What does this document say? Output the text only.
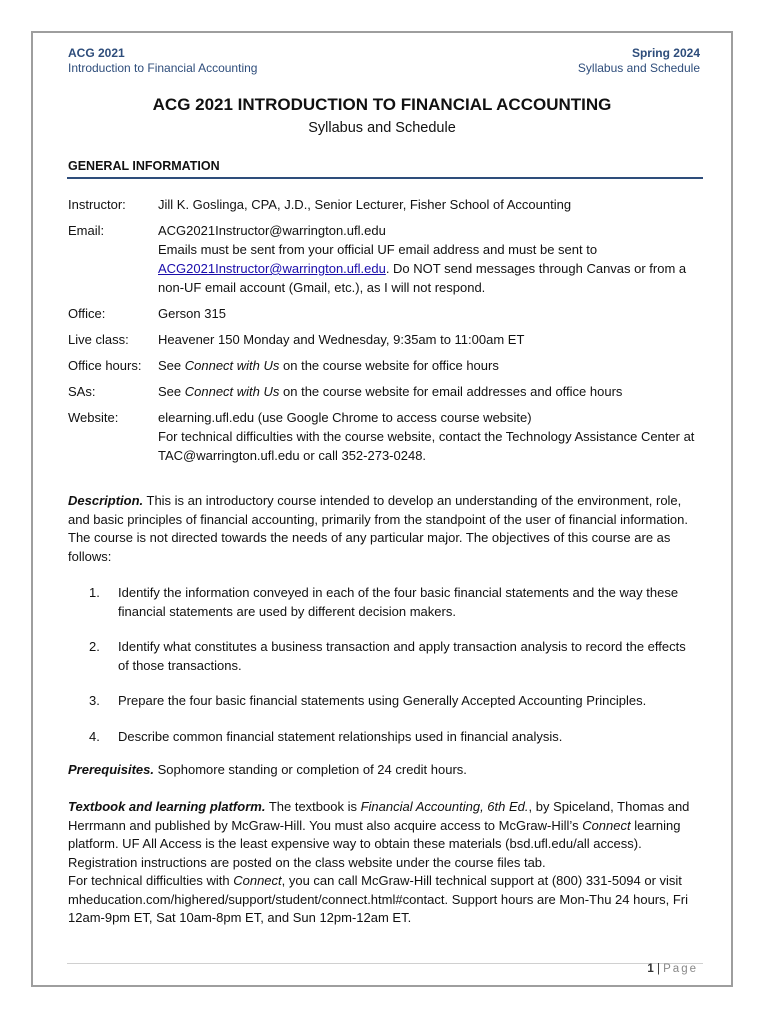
ACG 2021
Introduction to Financial Accounting
Spring 2024
Syllabus and Schedule
ACG 2021 INTRODUCTION TO FINANCIAL ACCOUNTING
Syllabus and Schedule
GENERAL INFORMATION
Instructor:	Jill K. Goslinga, CPA, J.D., Senior Lecturer, Fisher School of Accounting
Email:	ACG2021Instructor@warrington.ufl.edu
Emails must be sent from your official UF email address and must be sent to ACG2021Instructor@warrington.ufl.edu. Do NOT send messages through Canvas or from a non-UF email account (Gmail, etc.), as I will not respond.
Office:	Gerson 315
Live class:	Heavener 150 Monday and Wednesday, 9:35am to 11:00am ET
Office hours:	See Connect with Us on the course website for office hours
SAs:	See Connect with Us on the course website for email addresses and office hours
Website:	elearning.ufl.edu (use Google Chrome to access course website)
For technical difficulties with the course website, contact the Technology Assistance Center at TAC@warrington.ufl.edu or call 352-273-0248.
Description. This is an introductory course intended to develop an understanding of the environment, role, and basic principles of financial accounting, primarily from the standpoint of the user of financial information. The course is not directed towards the needs of any particular major. The objectives of this course are as follows:
1.	Identify the information conveyed in each of the four basic financial statements and the way these financial statements are used by different decision makers.
2.	Identify what constitutes a business transaction and apply transaction analysis to record the effects of those transactions.
3.	Prepare the four basic financial statements using Generally Accepted Accounting Principles.
4.	Describe common financial statement relationships used in financial analysis.
Prerequisites. Sophomore standing or completion of 24 credit hours.
Textbook and learning platform. The textbook is Financial Accounting, 6th Ed., by Spiceland, Thomas and Herrmann and published by McGraw-Hill. You must also acquire access to McGraw-Hill’s Connect learning platform. UF All Access is the least expensive way to obtain these materials (bsd.ufl.edu/all access). Registration instructions are posted on the class website under the course files tab.
For technical difficulties with Connect, you can call McGraw-Hill technical support at (800) 331-5094 or visit mheducation.com/highered/support/student/connect.html#contact. Support hours are Mon-Thu 24 hours, Fri 12am-9pm ET, Sat 10am-8pm ET, and Sun 12pm-12am ET.
1 | Page
